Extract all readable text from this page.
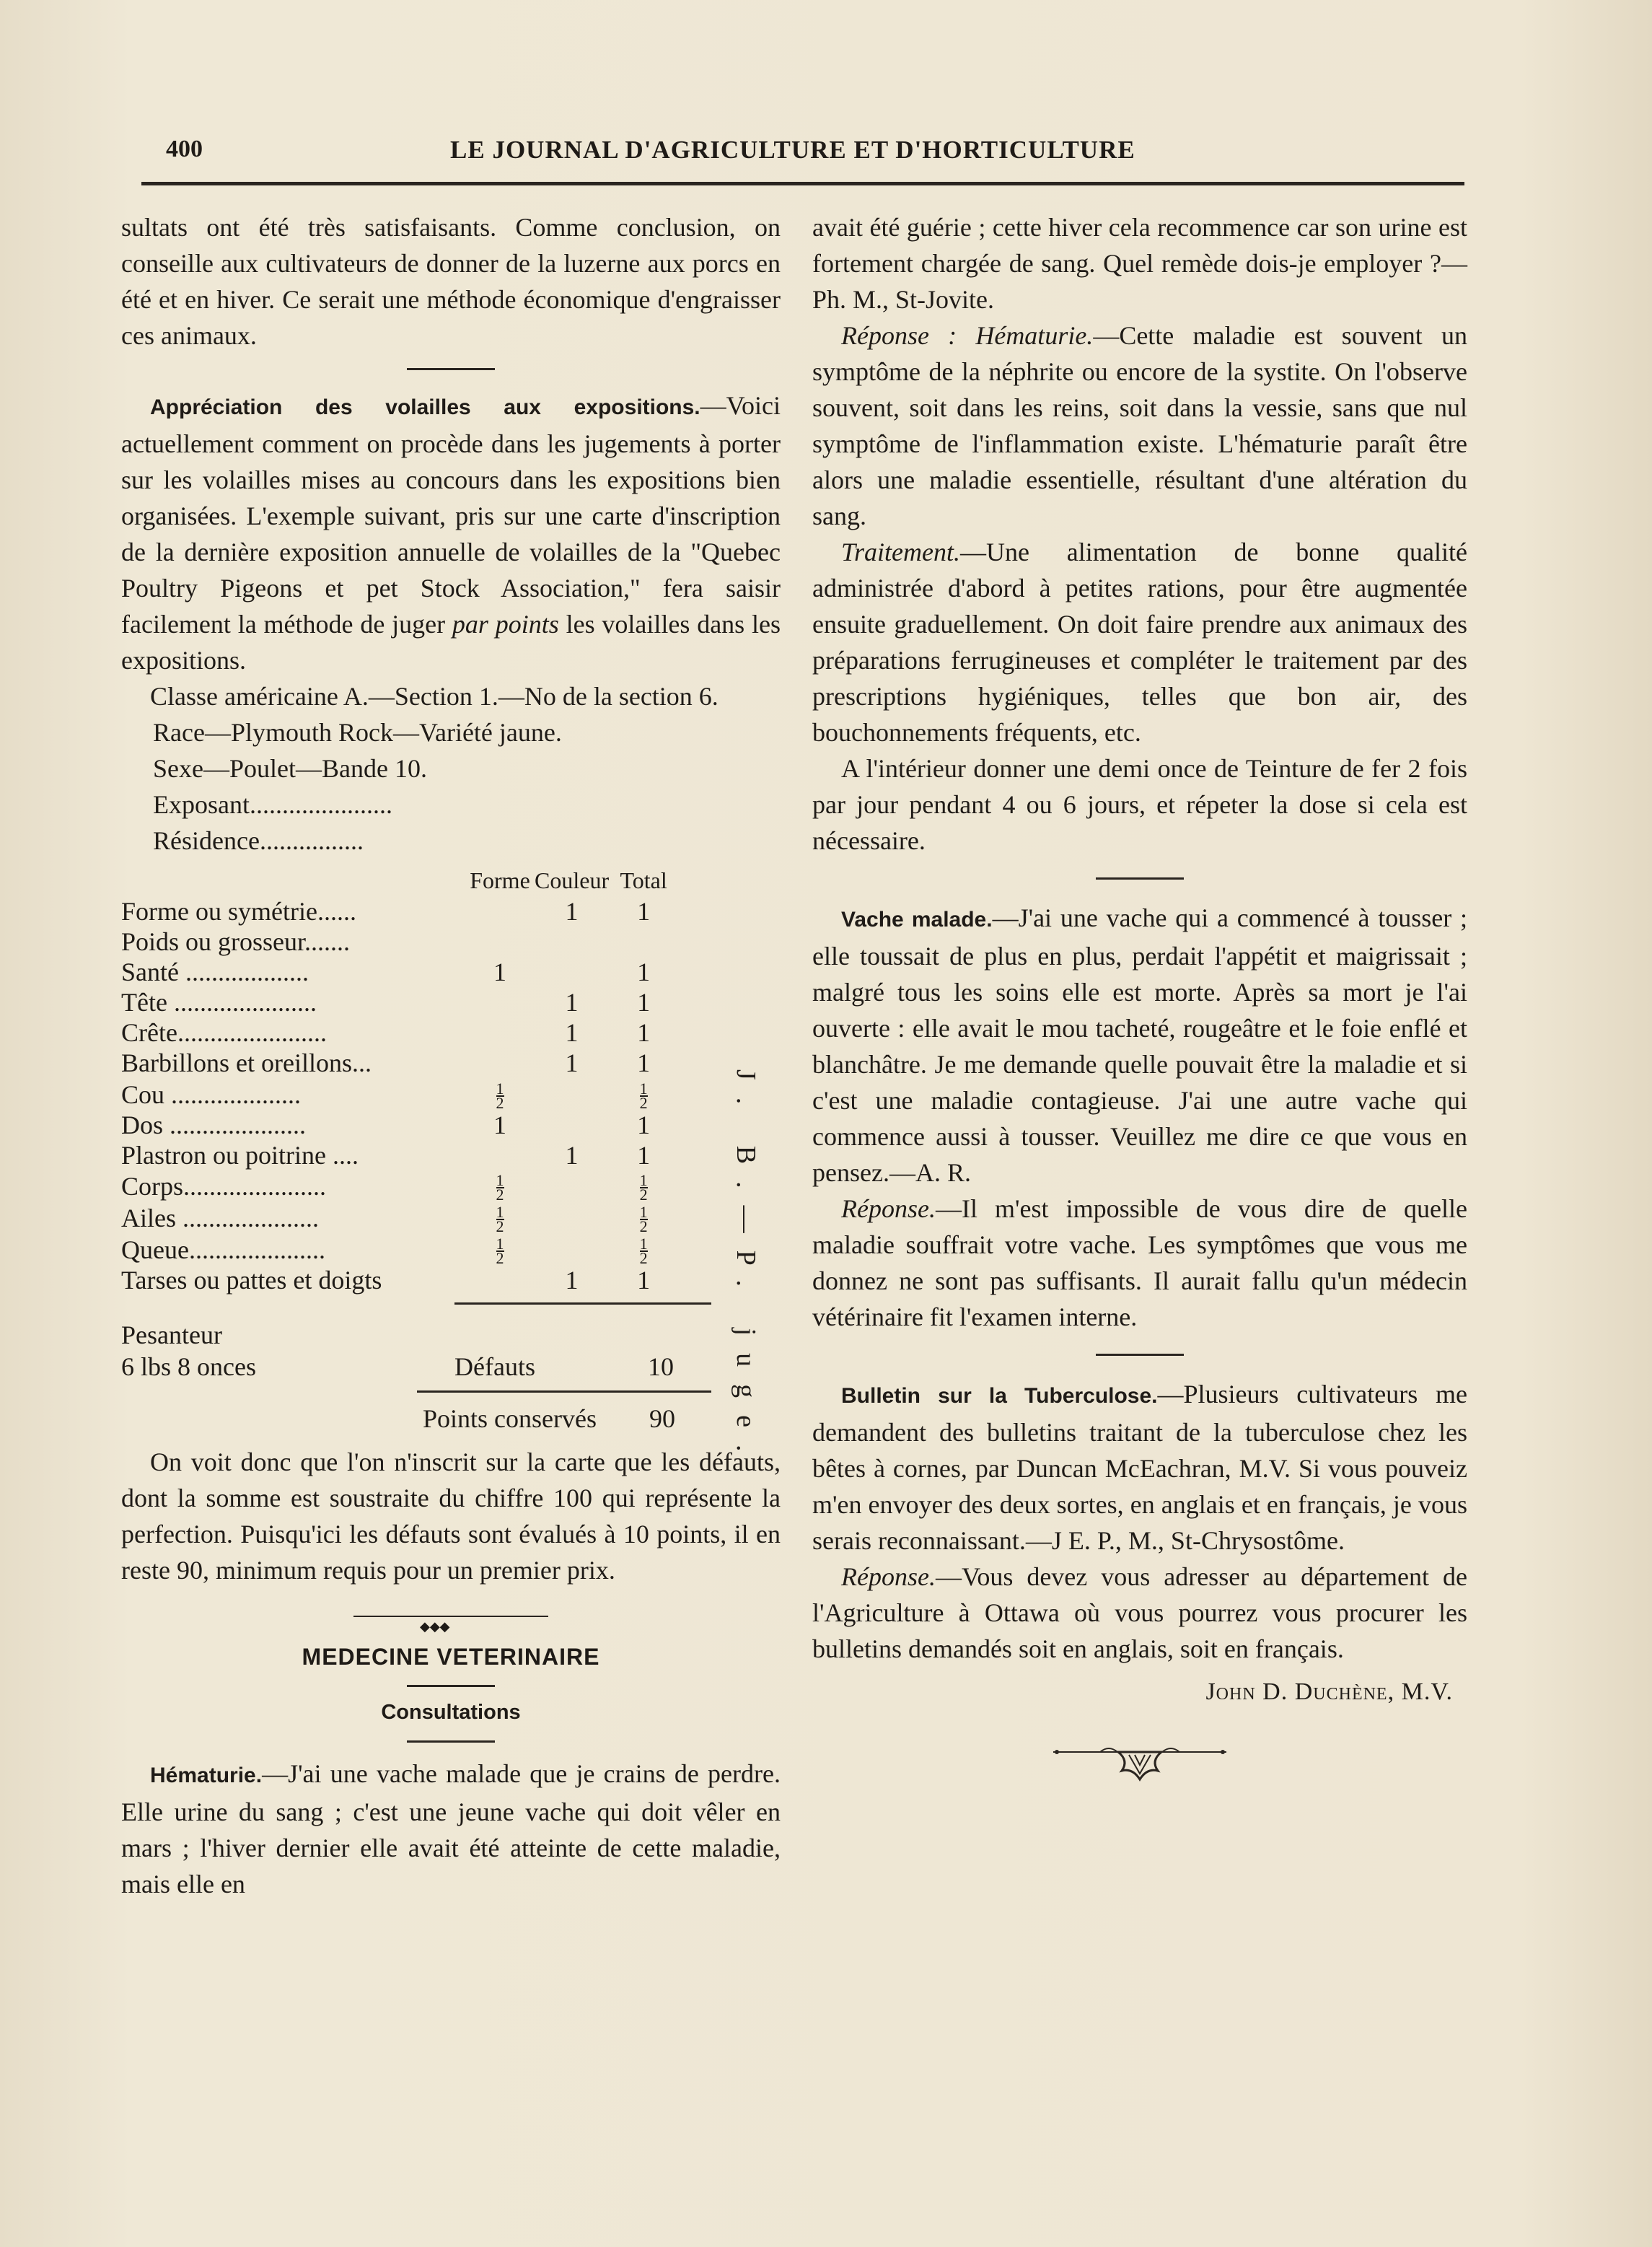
400	LE JOURNAL D'AGRICULTURE ET D'HORTICULTURE

sultats ont été très satisfaisants. Comme conclusion, on conseille aux cultivateurs de donner de la luzerne aux porcs en été et en hiver. Ce serait une méthode économique d'engraisser ces animaux.

Appréciation des volailles aux expositions.—Voici actuellement comment on procède dans les jugements à porter sur les volailles mises au concours dans les expositions bien organisées. L'exemple suivant, pris sur une carte d'inscription de la dernière exposition annuelle de volailles de la "Quebec Poultry Pigeons et pet Stock Association," fera saisir facilement la méthode de juger par points les volailles dans les expositions.

Classe américaine A.—Section 1.—No de la section 6.

Race—Plymouth Rock—Variété jaune.

Sexe—Poulet—Bande 10.

Exposant......................

Résidence................

	Forme	Couleur	Total
Forme ou symétrie......		1	1
Poids ou grosseur.......			
Santé ...................	1		1
Tête ......................		1	1
Crête.......................		1	1
Barbillons et oreillons...		1	1
Cou ....................	$\frac{1}{2}$		$\frac{1}{2}$

Dos .....................	1		1
Plastron ou poitrine ....		1	1
Corps......................	$\frac{1}{2}$		$\frac{1}{2}$

Ailes .....................	$\frac{1}{2}$		$\frac{1}{2}$

Queue.....................	$\frac{1}{2}$		$\frac{1}{2}$

Tarses ou pattes et doigts		1	1
Pesanteur
6 lbs 8 onces	Défauts	10
Points conservés 90

On voit donc que l'on n'inscrit sur la carte que les défauts, dont la somme est soustraite du chiffre 100 qui représente la perfection. Puisqu'ici les défauts sont évalués à 10 points, il en reste 90, minimum requis pour un premier prix.

◆◆◆
MEDECINE VETERINAIRE
Consultations

Hématurie.—J'ai une vache malade que je crains de perdre. Elle urine du sang ; c'est une jeune vache qui doit vêler en mars ; l'hiver dernier elle avait été atteinte de cette maladie, mais elle en

J. B.—P. juge.

avait été guérie ; cette hiver cela recommence car son urine est fortement chargée de sang. Quel remède dois-je employer ?—Ph. M., St-Jovite.

Réponse : Hématurie.—Cette maladie est souvent un symptôme de la néphrite ou encore de la systite. On l'observe souvent, soit dans les reins, soit dans la vessie, sans que nul symptôme de l'inflammation existe. L'hématurie paraît être alors une maladie essentielle, résultant d'une altération du sang.

Traitement.—Une alimentation de bonne qualité administrée d'abord à petites rations, pour être augmentée ensuite graduellement. On doit faire prendre aux animaux des préparations ferrugineuses et compléter le traitement par des prescriptions hygiéniques, telles que bon air, des bouchonnements fréquents, etc.

A l'intérieur donner une demi once de Teinture de fer 2 fois par jour pendant 4 ou 6 jours, et répeter la dose si cela est nécessaire.

Vache malade.—J'ai une vache qui a commencé à tousser ; elle toussait de plus en plus, perdait l'appétit et maigrissait ; malgré tous les soins elle est morte. Après sa mort je l'ai ouverte : elle avait le mou tacheté, rougeâtre et le foie enflé et blanchâtre. Je me demande quelle pouvait être la maladie et si c'est une maladie contagieuse. J'ai une autre vache qui commence aussi à tousser. Veuillez me dire ce que vous en pensez.—A. R.

Réponse.—Il m'est impossible de vous dire de quelle maladie souffrait votre vache. Les symptômes que vous me donnez ne sont pas suffisants. Il aurait fallu qu'un médecin vétérinaire fit l'examen interne.

Bulletin sur la Tuberculose.—Plusieurs cultivateurs me demandent des bulletins traitant de la tuberculose chez les bêtes à cornes, par Duncan McEachran, M.V. Si vous pouveiz m'en envoyer des deux sortes, en anglais et en français, je vous serais reconnaissant.—J E. P., M., St-Chrysostôme.

Réponse.—Vous devez vous adresser au département de l'Agriculture à Ottawa où vous pourrez vous procurer les bulletins demandés soit en anglais, soit en français.

John D. Duchène, M.V.
